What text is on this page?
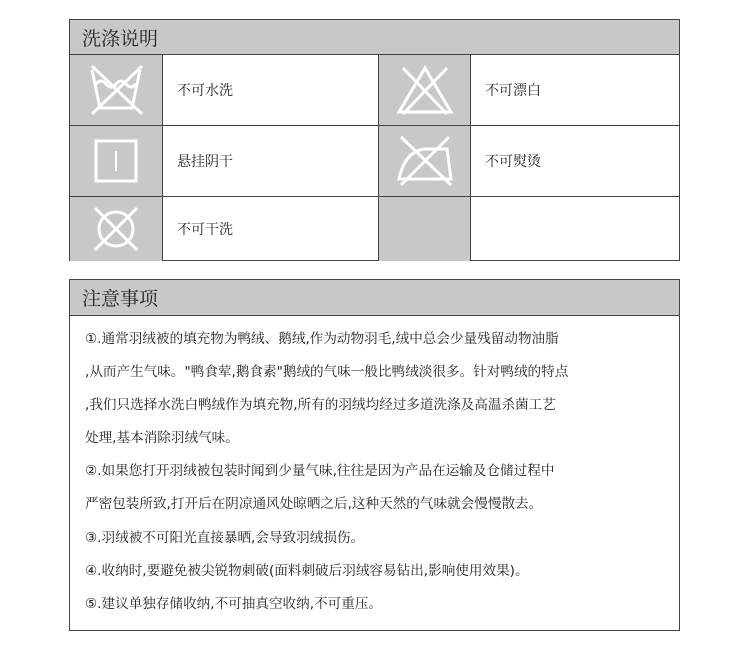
洗涤说明
不可水洗	不可漂白
悬挂阴干	不可熨烫
不可干洗
注意事项
①.通常羽绒被的填充物为鸭绒、鹅绒,作为动物羽毛,绒中总会少量残留动物油脂
,从而产生气味。"鸭食荤,鹅食素"鹅绒的气味一般比鸭绒淡很多。针对鸭绒的特点
,我们只选择水洗白鸭绒作为填充物,所有的羽绒均经过多道洗涤及高温杀菌工艺
处理,基本消除羽绒气味。
②.如果您打开羽绒被包装时闻到少量气味,往往是因为产品在运输及仓储过程中
严密包装所致,打开后在阴凉通风处晾晒之后,这种天然的气味就会慢慢散去。
③.羽绒被不可阳光直接暴晒,会导致羽绒损伤。
④.收纳时,要避免被尖锐物刺破(面料刺破后羽绒容易钻出,影响使用效果)。
⑤.建议单独存储收纳,不可抽真空收纳,不可重压。
